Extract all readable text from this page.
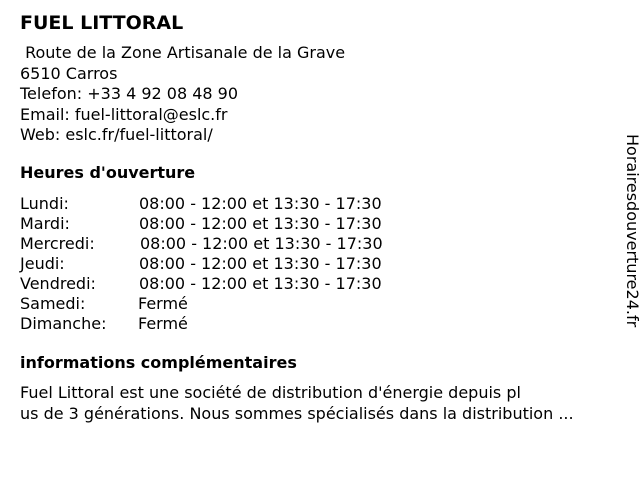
FUEL LITTORAL
Route de la Zone Artisanale de la Grave
6510 Carros
Telefon: +33 4 92 08 48 90
Email: fuel-littoral@eslc.fr
Web: eslc.fr/fuel-littoral/
Heures d'ouverture
Lundi:	08:00 - 12:00 et 13:30 - 17:30
Mardi:	08:00 - 12:00 et 13:30 - 17:30
Mercredi:	08:00 - 12:00 et 13:30 - 17:30
Jeudi:	08:00 - 12:00 et 13:30 - 17:30
Vendredi:	08:00 - 12:00 et 13:30 - 17:30
Samedi:	Fermé
Dimanche: Fermé
informations complémentaires
Fuel Littoral est une société de distribution d'énergie depuis pl
us de 3 générations. Nous sommes spécialisés dans la distribution ...
Horairesdouverture24.fr
